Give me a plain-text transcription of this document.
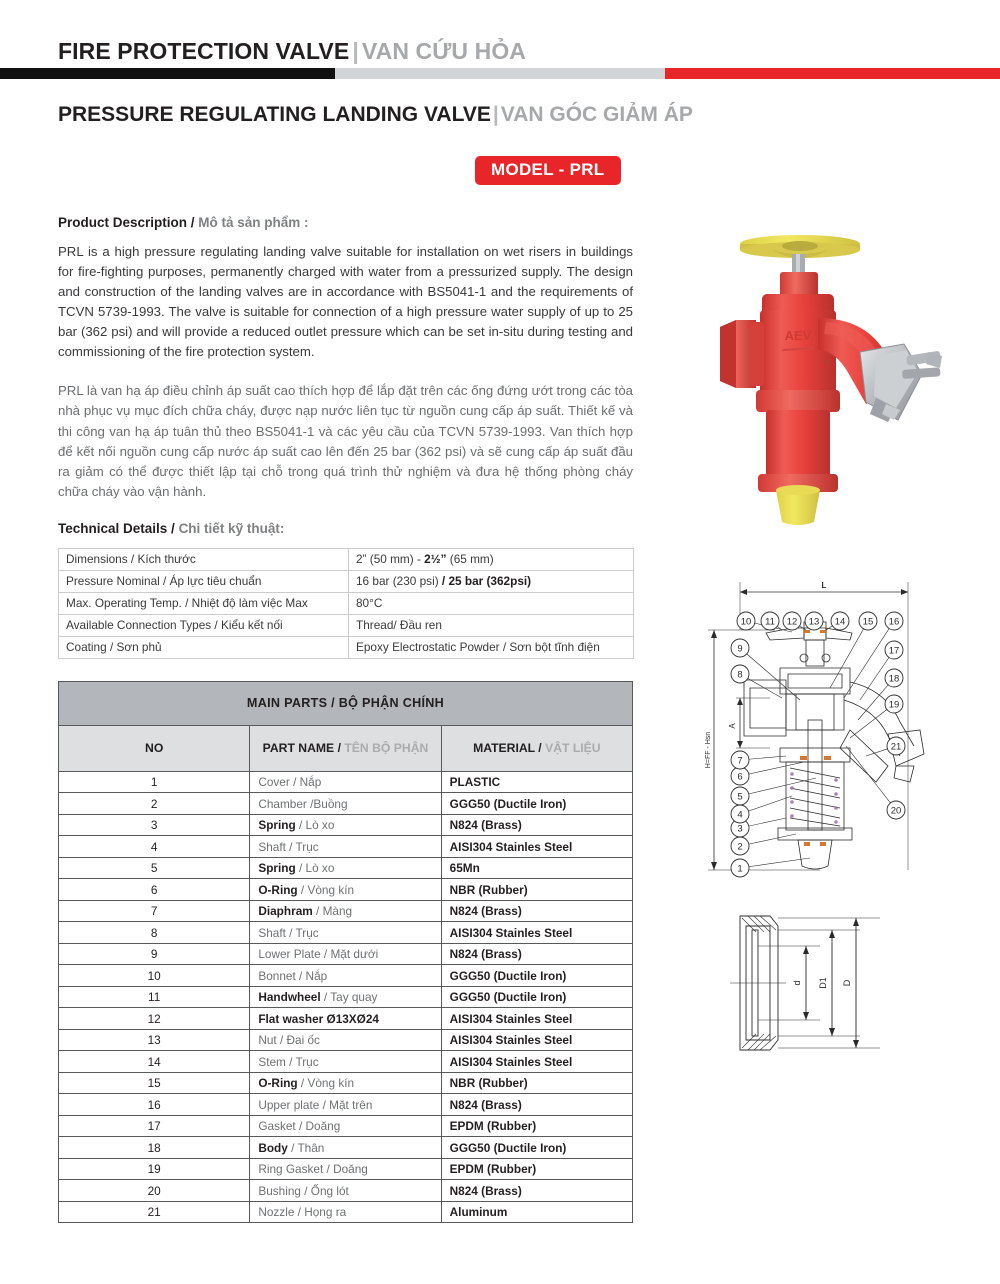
FIRE PROTECTION VALVE | VAN CỨU HỎA
PRESSURE REGULATING LANDING VALVE|VAN GÓC GIẢM ÁP
MODEL - PRL
Product Description / Mô tả sản phẩm :

PRL is a high pressure regulating landing valve suitable for installation on wet risers in buildings for fire-fighting purposes, permanently charged with water from a pressurized supply. The design and construction of the landing valves are in accordance with BS5041-1 and the requirements of TCVN 5739-1993. The valve is suitable for connection of a high pressure water supply of up to 25 bar (362 psi) and will provide a reduced outlet pressure which can be set in-situ during testing and commissioning of the fire protection system.

PRL là van hạ áp điều chỉnh áp suất cao thích hợp để lắp đặt trên các ống đứng ướt trong các tòa nhà phục vụ mục đích chữa cháy, được nạp nước liên tục từ nguồn cung cấp áp suất. Thiết kế và thi công van hạ áp tuân thủ theo BS5041-1 và các yêu cầu của TCVN 5739-1993. Van thích hợp để kết nối nguồn cung cấp nước áp suất cao lên đến 25 bar (362 psi) và sẽ cung cấp áp suất đầu ra giảm có thể được thiết lập tại chỗ trong quá trình thử nghiệm và đưa hệ thống phòng cháy chữa cháy vào vận hành.

Technical Details / Chi tiết kỹ thuật:
Dimensions / Kích thước	2” (50 mm) - 2½” (65 mm)
Pressure Nominal / Áp lực tiêu chuẩn	16 bar (230 psi) / 25 bar (362psi)
Max. Operating Temp. / Nhiệt độ làm việc Max	80°C
Available Connection Types / Kiểu kết nối	Thread/ Đầu ren
Coating / Sơn phủ	Epoxy Electrostatic Powder / Sơn bột tĩnh điện
MAIN PARTS / BỘ PHẬN CHÍNH		
NO	PART NAME / TÊN BỘ PHẬN	MATERIAL / VẬT LIỆU
1	Cover / Nắp	PLASTIC
2	Chamber /Buồng	GGG50 (Ductile Iron)
3	Spring / Lò xo	N824 (Brass)
4	Shaft / Trục	AISI304 Stainles Steel
5	Spring / Lò xo	65Mn
6	O-Ring / Vòng kín	NBR (Rubber)
7	Diaphram / Màng	N824 (Brass)
8	Shaft / Trục	AISI304 Stainles Steel
9	Lower Plate / Mặt dưới	N824 (Brass)
10	Bonnet / Nắp	GGG50 (Ductile Iron)
11	Handwheel / Tay quay	GGG50 (Ductile Iron)
12	Flat washer Ø13XØ24	AISI304 Stainles Steel
13	Nut / Đai ốc	AISI304 Stainles Steel
14	Stem / Trục	AISI304 Stainles Steel
15	O-Ring / Vòng kín	NBR (Rubber)
16	Upper plate / Mặt trên	N824 (Brass)
17	Gasket / Doăng	EPDM (Rubber)
18	Body / Thân	GGG50 (Ductile Iron)
19	Ring Gasket / Doăng	EPDM (Rubber)
20	Bushing / Ống lót	N824 (Brass)
21	Nozzle / Họng ra	Aluminum
AEV
1
2
3
4
5
6
7
8
9
10 11 12 13 14 15 16
17
18
19
20
21
L
H=FF - Hsn
A
d D1 D
